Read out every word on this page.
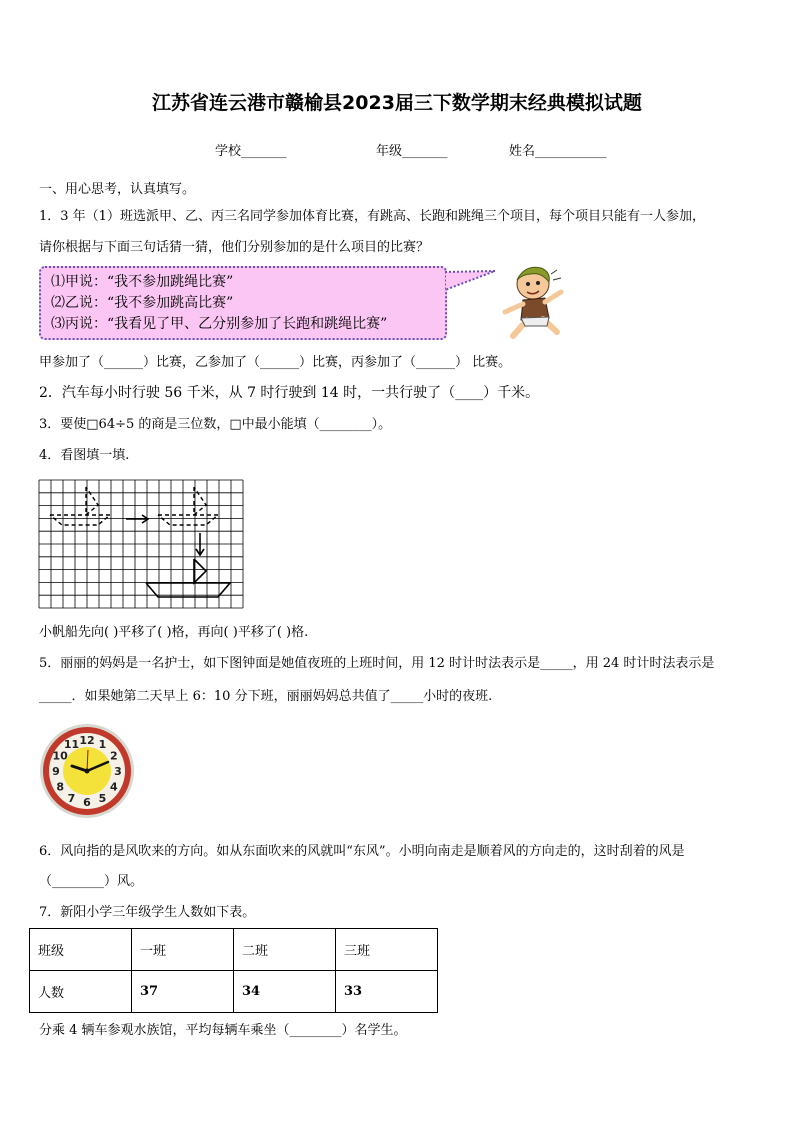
江苏省连云港市赣榆县2023届三下数学期末经典模拟试题
学校_______	年级_______	姓名___________
一、用心思考，认真填写。
1．3 年（1）班选派甲、乙、丙三名同学参加体育比赛，有跳高、长跑和跳绳三个项目，每个项目只能有一人参加，
请你根据与下面三句话猜一猜，他们分别参加的是什么项目的比赛？
⑴甲说：“我不参加跳绳比赛”
⑵乙说：“我不参加跳高比赛”
⑶丙说：“我看见了甲、乙分别参加了长跑和跳绳比赛”
甲参加了（______）比赛，乙参加了（______）比赛，丙参加了（______） 比赛。
2．汽车每小时行驶 56 千米，从 7 时行驶到 14 时，一共行驶了（____）千米。
3．要使□64÷5 的商是三位数，□中最小能填（________）。
4．看图填一填.
小帆船先向( )平移了( )格，再向( )平移了( )格.
5．丽丽的妈妈是一名护士，如下图钟面是她值夜班的上班时间，用 12 时计时法表示是_____，用 24 时计时法表示是
_____．如果她第二天早上 6：10 分下班，丽丽妈妈总共值了_____小时的夜班.
12 1
2
3
4
5
6
7
8
9
10
11
6．风向指的是风吹来的方向。如从东面吹来的风就叫“东风”。小明向南走是顺着风的方向走的，这时刮着的风是
（________）风。
7．新阳小学三年级学生人数如下表。
班级	一班	二班	三班
人数	37	34	33
分乘 4 辆车参观水族馆，平均每辆车乘坐（________）名学生。
